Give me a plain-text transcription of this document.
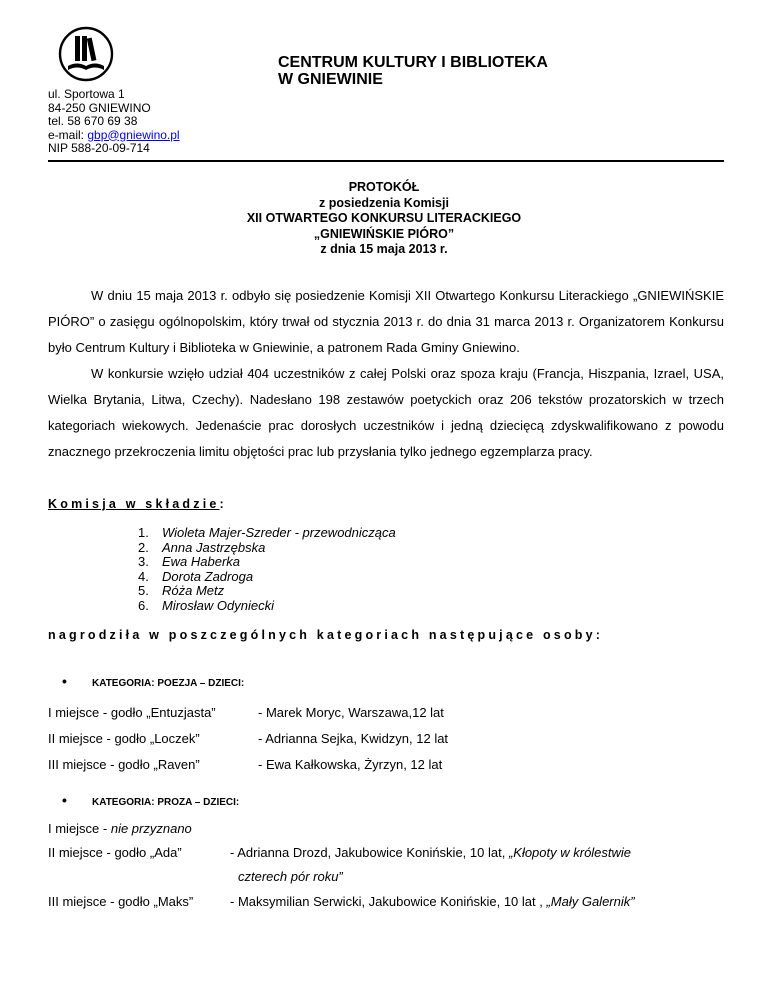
CENTRUM KULTURY I BIBLIOTEKA
W GNIEWINIE
ul. Sportowa 1
84-250 GNIEWINO
tel. 58 670 69 38
e-mail: gbp@gniewino.pl
NIP 588-20-09-714
PROTOKÓŁ
z posiedzenia Komisji
XII OTWARTEGO KONKURSU LITERACKIEGO
„GNIEWIŃSKIE PIÓRO”
z dnia 15 maja 2013 r.

W dniu 15 maja 2013 r. odbyło się posiedzenie Komisji XII Otwartego Konkursu Literackiego „GNIEWIŃSKIE PIÓRO” o zasięgu ogólnopolskim, który trwał od stycznia 2013 r. do dnia 31 marca 2013 r. Organizatorem Konkursu było Centrum Kultury i Biblioteka w Gniewinie, a patronem Rada Gminy Gniewino.

W konkursie wzięło udział 404 uczestników z całej Polski oraz spoza kraju (Francja, Hiszpania, Izrael, USA, Wielka Brytania, Litwa, Czechy). Nadesłano 198 zestawów poetyckich oraz 206 tekstów prozatorskich w trzech kategoriach wiekowych. Jedenaście prac dorosłych uczestników i jedną dziecięcą zdyskwalifikowano z powodu znacznego przekroczenia limitu objętości prac lub przysłania tylko jednego egzemplarza pracy.

Komisja w składzie:
1. Wioleta Majer-Szreder - przewodnicząca
2. Anna Jastrzębska
3. Ewa Haberka
4. Dorota Zadroga
5. Róża Metz
6. Mirosław Odyniecki
nagrodziła w poszczególnych kategoriach następujące osoby:
•	KATEGORIA: POEZJA – DZIECI:
I miejsce - godło „Entuzjasta”	- Marek Moryc, Warszawa,12 lat
II miejsce - godło „Loczek”	- Adrianna Sejka, Kwidzyn, 12 lat
III miejsce - godło „Raven”	- Ewa Kałkowska, Żyrzyn, 12 lat
•	KATEGORIA: PROZA – DZIECI:
I miejsce - nie przyznano
II miejsce - godło „Ada”	- Adrianna Drozd, Jakubowice Konińskie, 10 lat, „Kłopoty w królestwie
czterech pór roku”
III miejsce - godło „Maks”	- Maksymilian Serwicki, Jakubowice Konińskie, 10 lat , „Mały Galernik”
